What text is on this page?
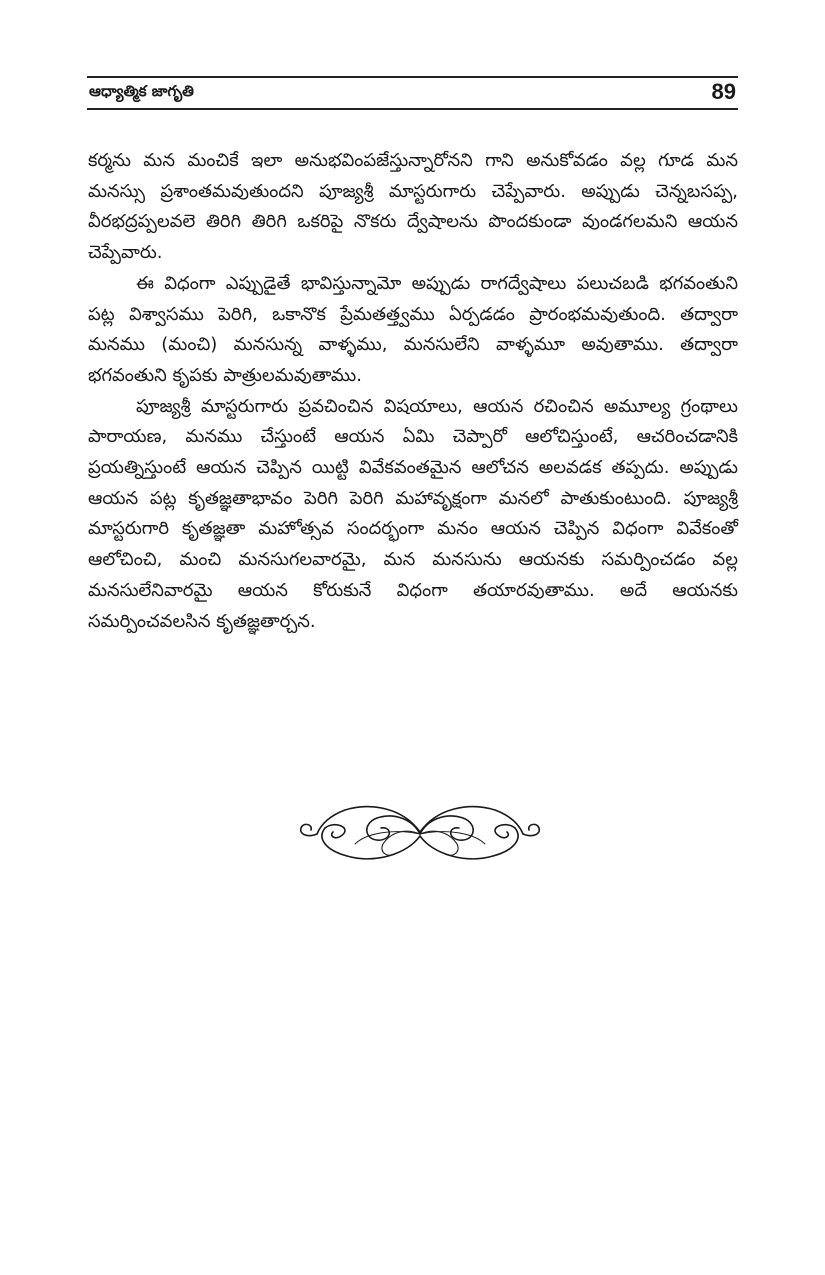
ఆధ్యాత్మిక జాగృతి	89

కర్మను మన మంచికే ఇలా అనుభవింపజేస్తున్నారోనని గాని అనుకోవడం వల్ల గూడ మన మనస్సు ప్రశాంతమవుతుందని పూజ్యశ్రీ మాస్టరుగారు చెప్పేవారు. అప్పుడు చెన్నబసప్ప, వీరభద్రప్పలవలె తిరిగి తిరిగి ఒకరిపై నొకరు ద్వేషాలను పొందకుండా వుండగలమని ఆయన చెప్పేవారు.

ఈ విధంగా ఎప్పుడైతే భావిస్తున్నామో అప్పుడు రాగద్వేషాలు పలుచబడి భగవంతుని పట్ల విశ్వాసము పెరిగి, ఒకానొక ప్రేమతత్త్వము ఏర్పడడం ప్రారంభమవుతుంది. తద్వారా మనము (మంచి) మనసున్న వాళ్ళము, మనసులేని వాళ్ళమూ అవుతాము. తద్వారా భగవంతుని కృపకు పాత్రులమవుతాము.

పూజ్యశ్రీ మాస్టరుగారు ప్రవచించిన విషయాలు, ఆయన రచించిన అమూల్య గ్రంథాలు పారాయణ, మనము చేస్తుంటే ఆయన ఏమి చెప్పారో ఆలోచిస్తుంటే, ఆచరించడానికి ప్రయత్నిస్తుంటే ఆయన చెప్పిన యిట్టి వివేకవంతమైన ఆలోచన అలవడక తప్పదు. అప్పుడు ఆయన పట్ల కృతజ్ఞతాభావం పెరిగి పెరిగి మహావృక్షంగా మనలో పాతుకుంటుంది. పూజ్యశ్రీ మాస్టరుగారి కృతజ్ఞతా మహోత్సవ సందర్భంగా మనం ఆయన చెప్పిన విధంగా వివేకంతో ఆలోచించి, మంచి మనసుగలవారమై, మన మనసును ఆయనకు సమర్పించడం వల్ల మనసులేనివారమై ఆయన కోరుకునే విధంగా తయారవుతాము. అదే ఆయనకు సమర్పించవలసిన కృతజ్ఞతార్చన.
